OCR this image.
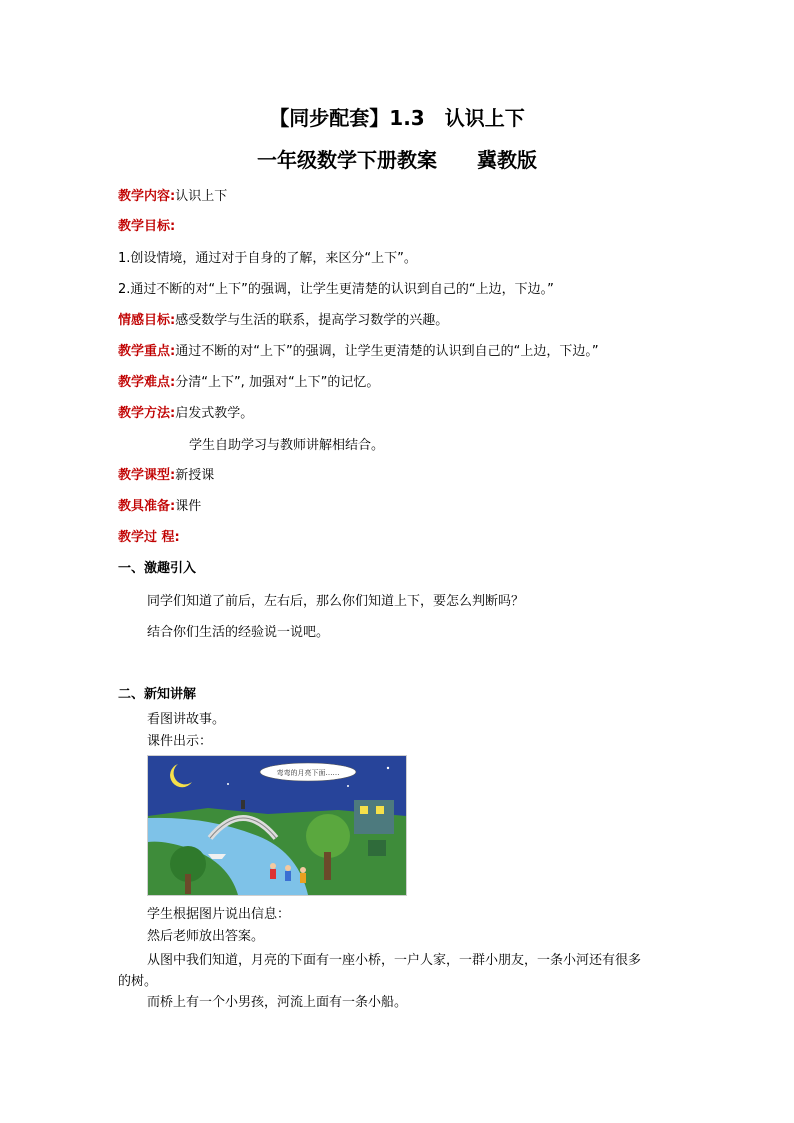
【同步配套】1.3　认识上下
一年级数学下册教案　　冀教版
教学内容:认识上下
教学目标:
1.创设情境，通过对于自身的了解，来区分“上下”。
2.通过不断的对“上下”的强调，让学生更清楚的认识到自己的“上边，下边。”
情感目标:感受数学与生活的联系，提高学习数学的兴趣。
教学重点:通过不断的对“上下”的强调，让学生更清楚的认识到自己的“上边，下边。”
教学难点:分清“上下”, 加强对“上下”的记忆。
教学方法:启发式教学。
学生自助学习与教师讲解相结合。
教学课型:新授课
教具准备:课件
教学过 程:
一、激趣引入
同学们知道了前后，左右后，那么你们知道上下，要怎么判断吗？
结合你们生活的经验说一说吧。
二、新知讲解
看图讲故事。
课件出示：
弯弯的月亮下面……
学生根据图片说出信息：
然后老师放出答案。
从图中我们知道，月亮的下面有一座小桥，一户人家，一群小朋友，一条小河还有很多的树。
而桥上有一个小男孩，河流上面有一条小船。
